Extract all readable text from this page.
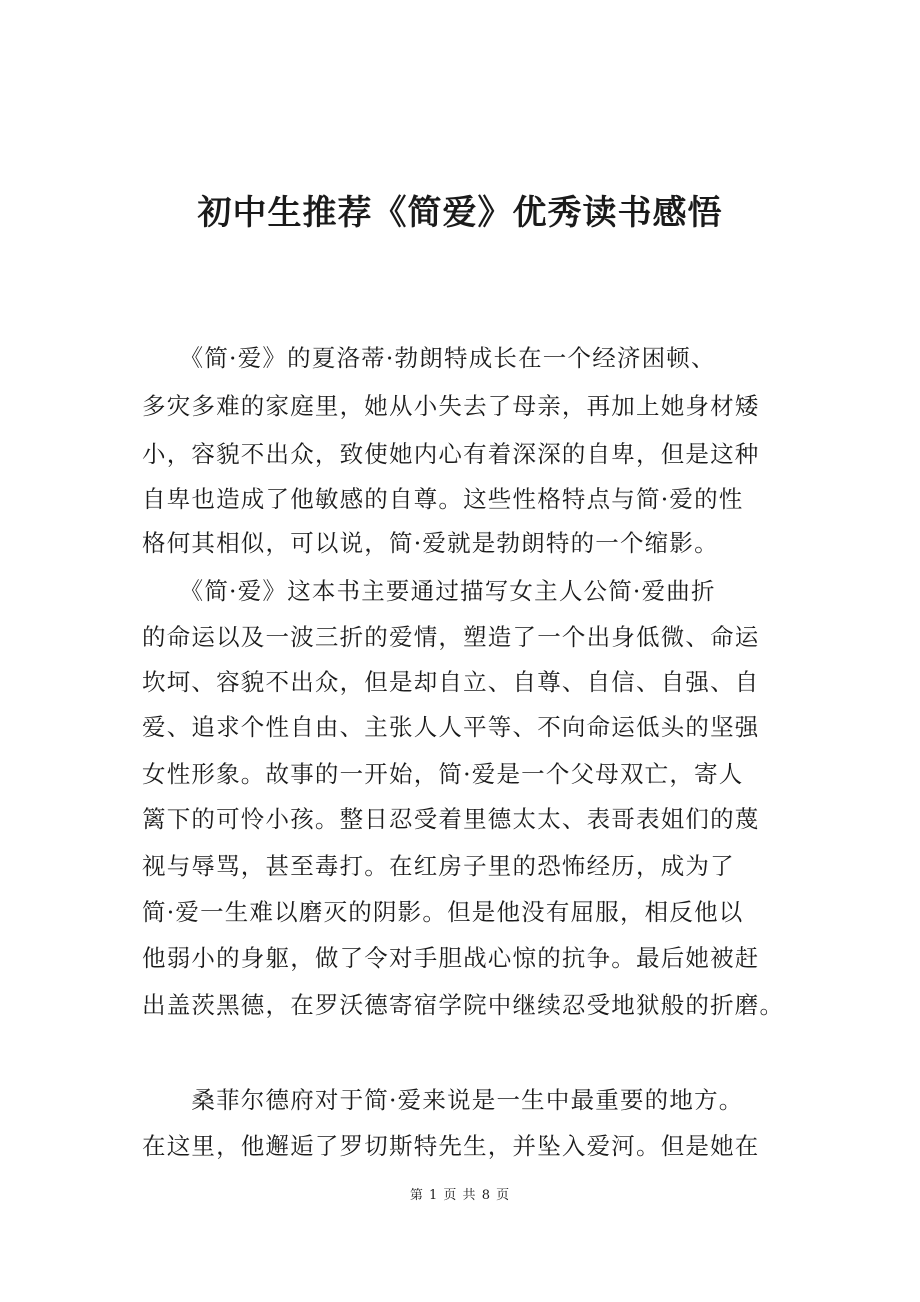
初中生推荐《简爱》优秀读书感悟

　　《简·爱》的夏洛蒂·勃朗特成长在一个经济困顿、

多灾多难的家庭里，她从小失去了母亲，再加上她身材矮

小，容貌不出众，致使她内心有着深深的自卑，但是这种

自卑也造成了他敏感的自尊。这些性格特点与简·爱的性

格何其相似，可以说，简·爱就是勃朗特的一个缩影。

　　《简·爱》这本书主要通过描写女主人公简·爱曲折

的命运以及一波三折的爱情，塑造了一个出身低微、命运

坎坷、容貌不出众，但是却自立、自尊、自信、自强、自

爱、追求个性自由、主张人人平等、不向命运低头的坚强

女性形象。故事的一开始，简·爱是一个父母双亡，寄人

篱下的可怜小孩。整日忍受着里德太太、表哥表姐们的蔑

视与辱骂，甚至毒打。在红房子里的恐怖经历，成为了

简·爱一生难以磨灭的阴影。但是他没有屈服，相反他以

他弱小的身躯，做了令对手胆战心惊的抗争。最后她被赶

出盖茨黑德，在罗沃德寄宿学院中继续忍受地狱般的折磨。

　　桑菲尔德府对于简·爱来说是一生中最重要的地方。

在这里，他邂逅了罗切斯特先生，并坠入爱河。但是她在

第 1 页 共 8 页
